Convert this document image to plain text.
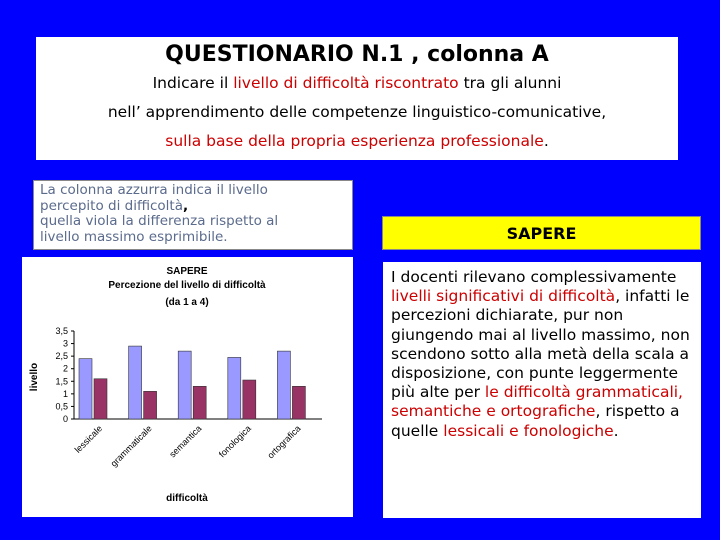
QUESTIONARIO N.1 , colonna A
Indicare il livello di difficoltà riscontrato tra gli alunni
nell’ apprendimento delle competenze linguistico-comunicative,
sulla base della propria esperienza professionale.
La colonna azzurra indica il livello
percepito di difficoltà,
quella viola la differenza rispetto al
livello massimo esprimibile.	SAPERE
SAPERE
Percezione del livello di difficoltà
(da 1 a 4)
livello
difficoltà
0
0,5
1
1,5
2
2,5
3
3,5
lessicale grammaticale semantica fonologica ortografica
I docenti rilevano complessivamente livelli significativi di difficoltà, infatti le percezioni dichiarate, pur non giungendo mai al livello massimo, non scendono sotto alla metà della scala a disposizione, con punte leggermente più alte per le difficoltà grammaticali, semantiche e ortografiche, rispetto a quelle lessicali e fonologiche.
